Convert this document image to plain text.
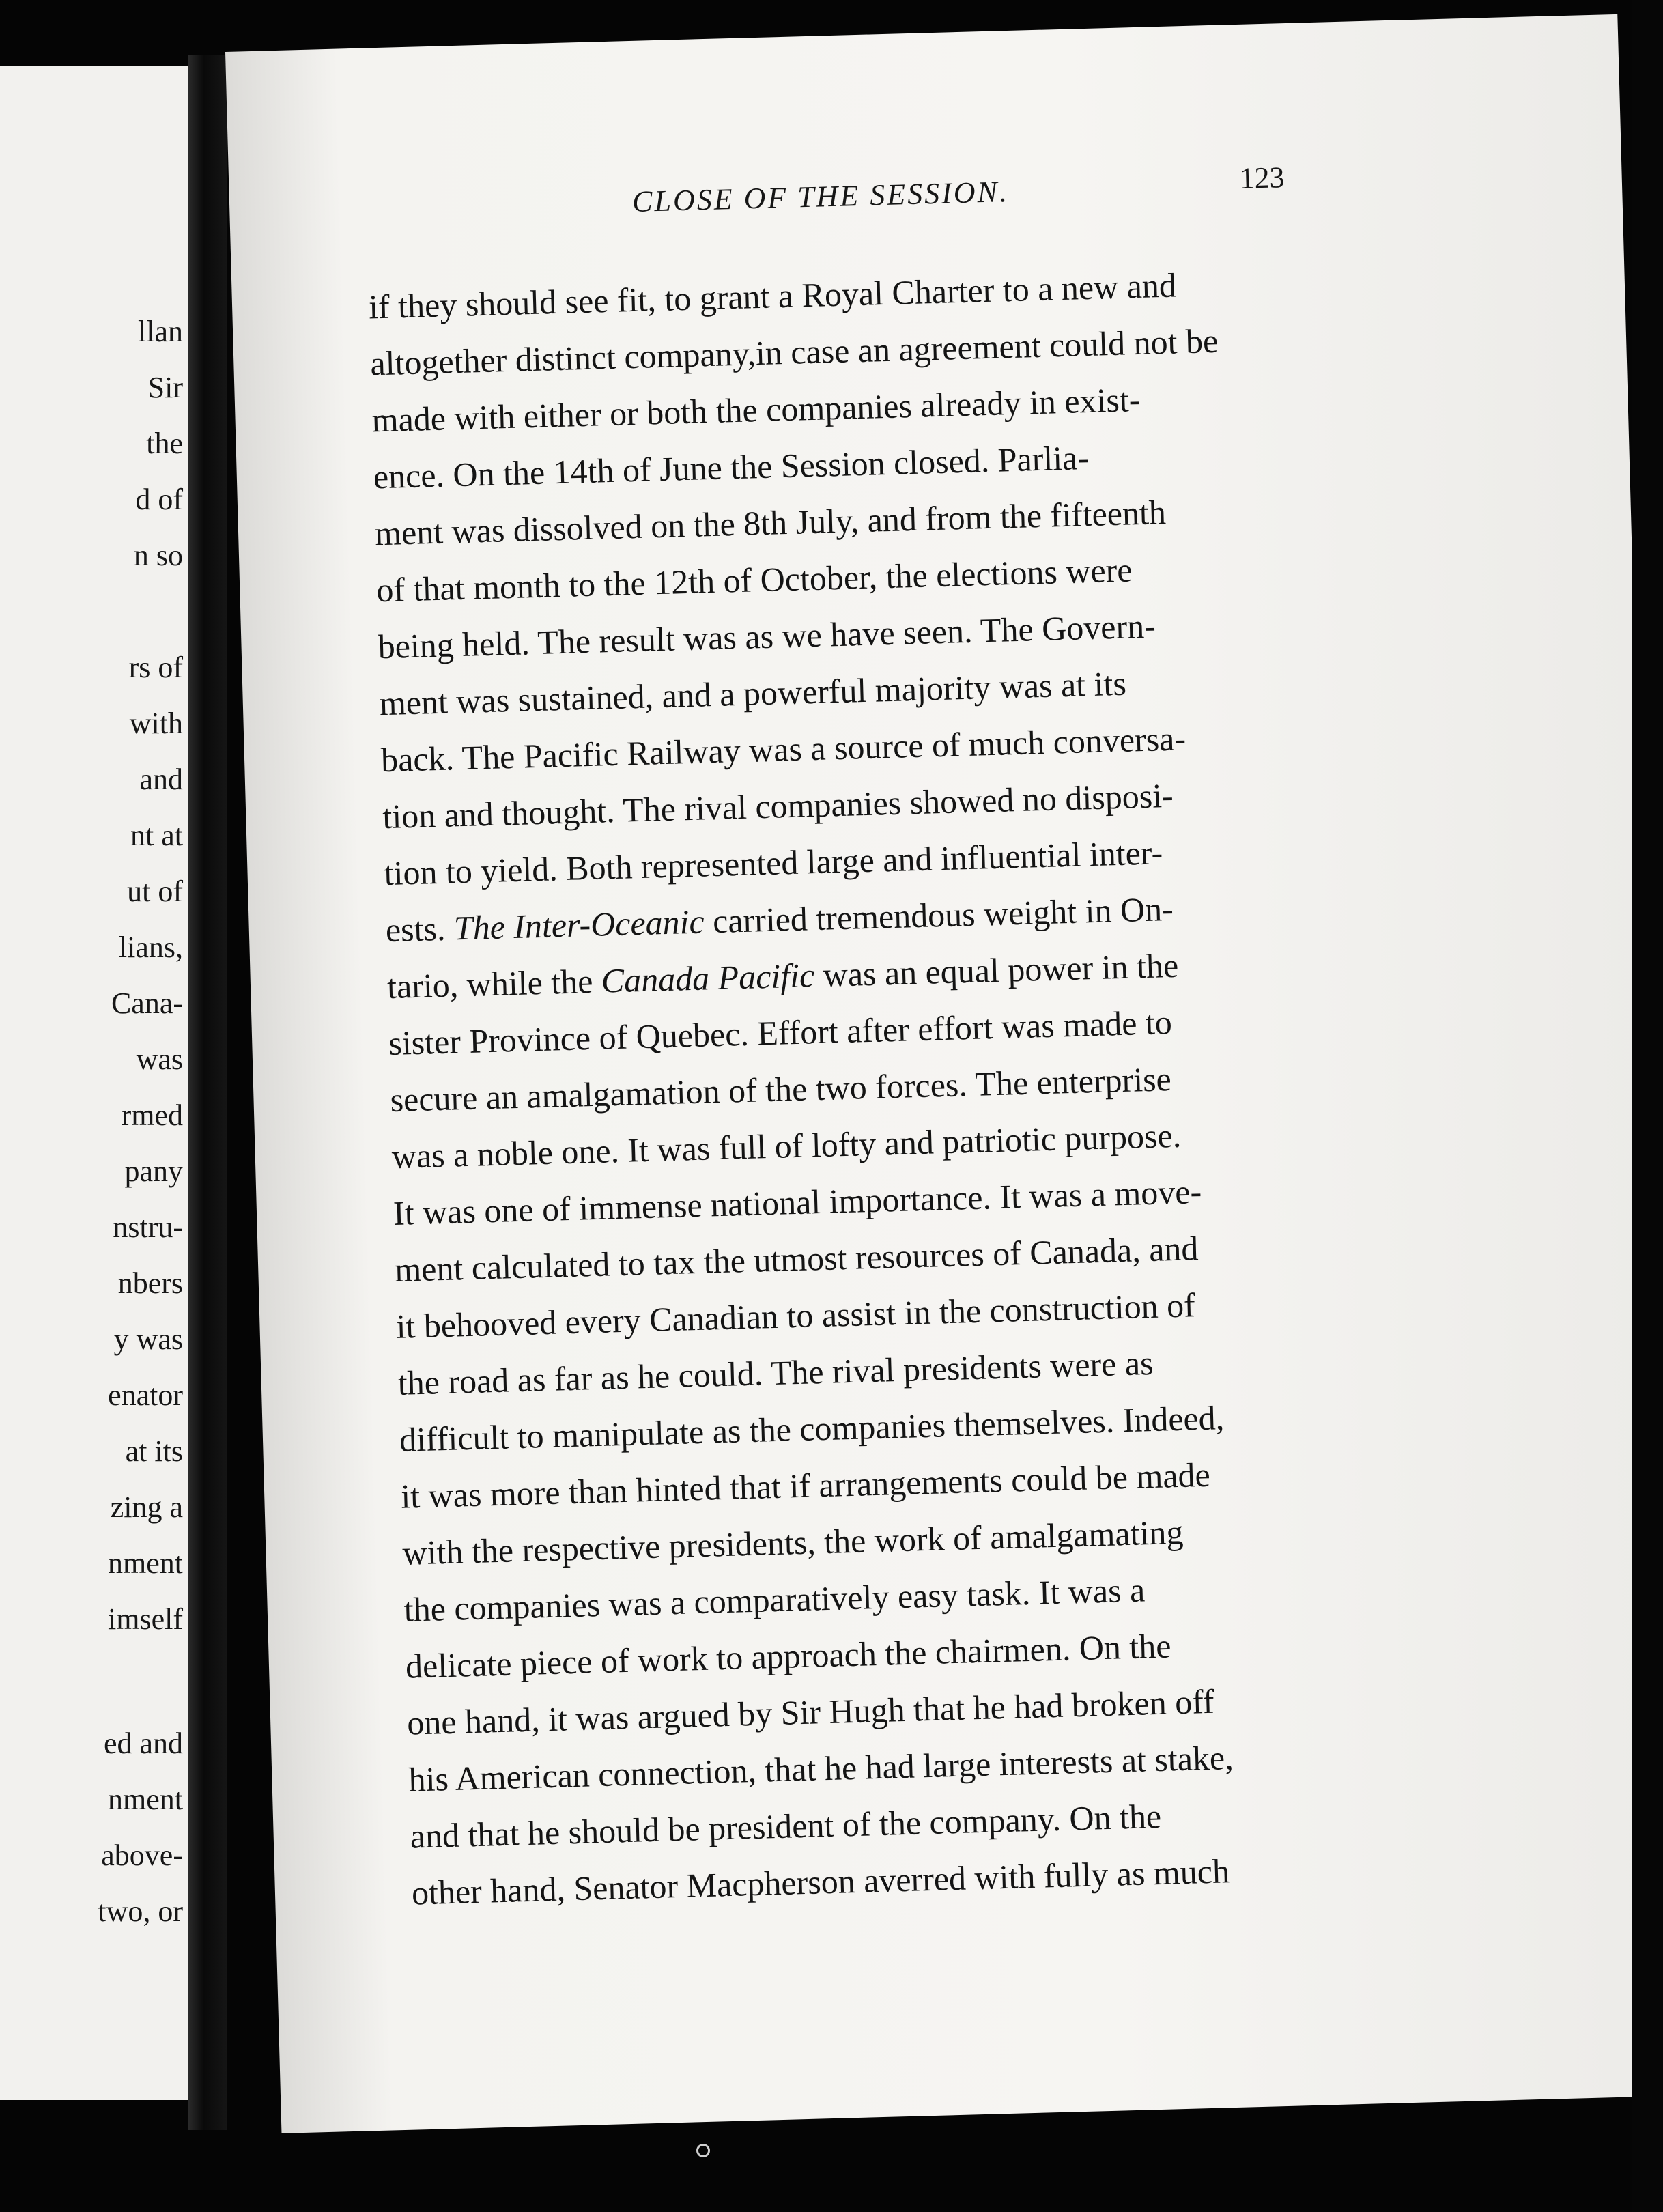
llan
Sir
the
d of
n so
rs of
with
and
nt at
ut of
lians,
Cana-
was
rmed
pany
nstru-
nbers
y was
enator
at its
zing a
nment
imself
ed and
nment
above-
two, or
CLOSE OF THE SESSION.	123
if they should see fit, to grant a Royal Charter to a new and
altogether distinct company,in case an agreement could not be
made with either or both the companies already in exist-
ence. On the 14th of June the Session closed. Parlia-
ment was dissolved on the 8th July, and from the fifteenth
of that month to the 12th of October, the elections were
being held. The result was as we have seen. The Govern-
ment was sustained, and a powerful majority was at its
back. The Pacific Railway was a source of much conversa-
tion and thought. The rival companies showed no disposi-
tion to yield. Both represented large and influential inter-
ests. The Inter-Oceanic carried tremendous weight in On-
tario, while the Canada Pacific was an equal power in the
sister Province of Quebec. Effort after effort was made to
secure an amalgamation of the two forces. The enterprise
was a noble one. It was full of lofty and patriotic purpose.
It was one of immense national importance. It was a move-
ment calculated to tax the utmost resources of Canada, and
it behooved every Canadian to assist in the construction of
the road as far as he could. The rival presidents were as
difficult to manipulate as the companies themselves. Indeed,
it was more than hinted that if arrangements could be made
with the respective presidents, the work of amalgamating
the companies was a comparatively easy task. It was a
delicate piece of work to approach the chairmen. On the
one hand, it was argued by Sir Hugh that he had broken off
his American connection, that he had large interests at stake,
and that he should be president of the company. On the
other hand, Senator Macpherson averred with fully as much
